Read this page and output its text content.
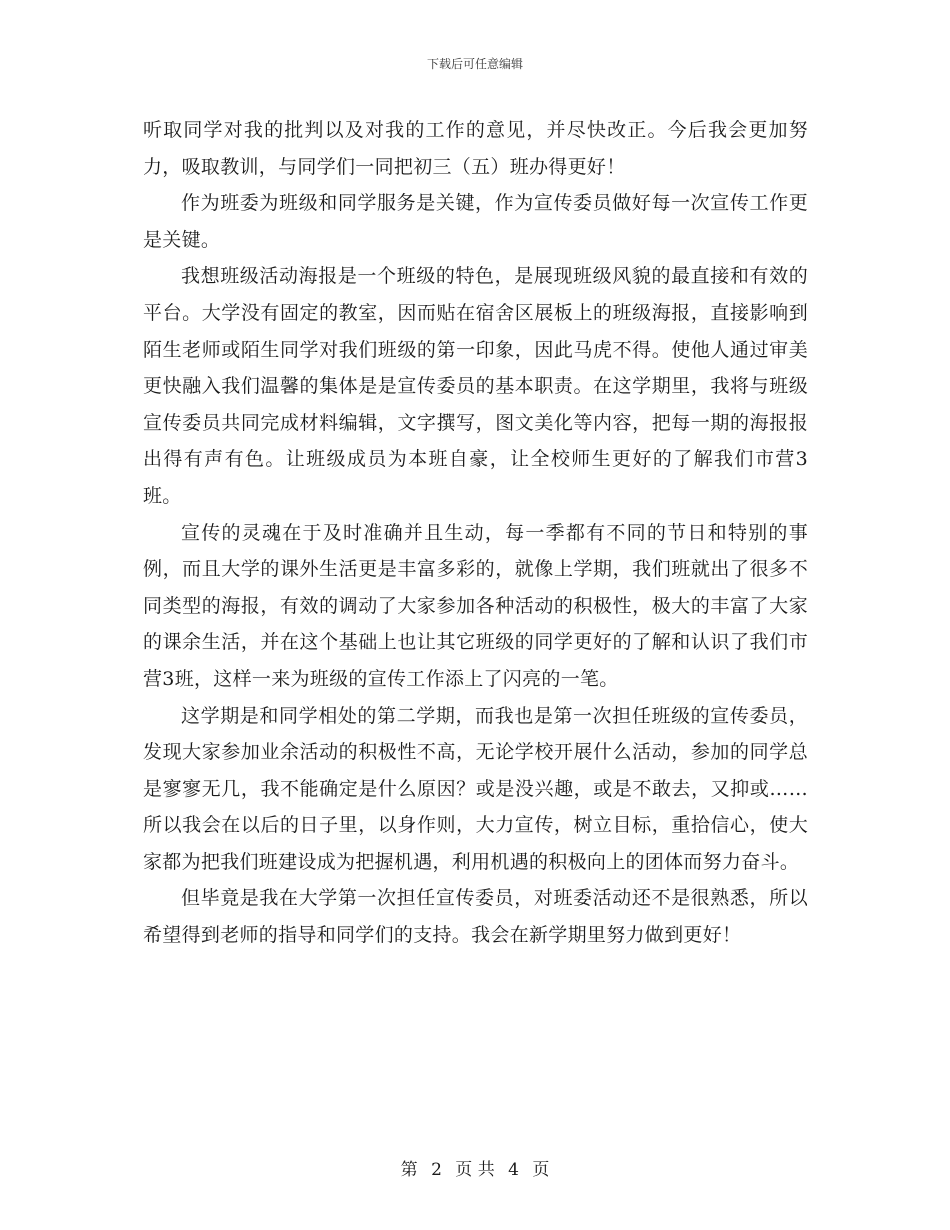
下载后可任意编辑

听取同学对我的批判以及对我的工作的意见，并尽快改正。今后我会更加努力，吸取教训，与同学们一同把初三（五）班办得更好！

作为班委为班级和同学服务是关键，作为宣传委员做好每一次宣传工作更是关键。

我想班级活动海报是一个班级的特色，是展现班级风貌的最直接和有效的平台。大学没有固定的教室，因而贴在宿舍区展板上的班级海报，直接影响到陌生老师或陌生同学对我们班级的第一印象，因此马虎不得。使他人通过审美更快融入我们温馨的集体是是宣传委员的基本职责。在这学期里，我将与班级宣传委员共同完成材料编辑，文字撰写，图文美化等内容，把每一期的海报报出得有声有色。让班级成员为本班自豪，让全校师生更好的了解我们市营3班。

宣传的灵魂在于及时准确并且生动，每一季都有不同的节日和特别的事例，而且大学的课外生活更是丰富多彩的，就像上学期，我们班就出了很多不同类型的海报，有效的调动了大家参加各种活动的积极性，极大的丰富了大家的课余生活，并在这个基础上也让其它班级的同学更好的了解和认识了我们市营3班，这样一来为班级的宣传工作添上了闪亮的一笔。

这学期是和同学相处的第二学期，而我也是第一次担任班级的宣传委员，发现大家参加业余活动的积极性不高，无论学校开展什么活动，参加的同学总是寥寥无几，我不能确定是什么原因？或是没兴趣，或是不敢去，又抑或……所以我会在以后的日子里，以身作则，大力宣传，树立目标，重拾信心，使大家都为把我们班建设成为把握机遇，利用机遇的积极向上的团体而努力奋斗。

但毕竟是我在大学第一次担任宣传委员，对班委活动还不是很熟悉，所以希望得到老师的指导和同学们的支持。我会在新学期里努力做到更好！

第 2 页 共 4 页
